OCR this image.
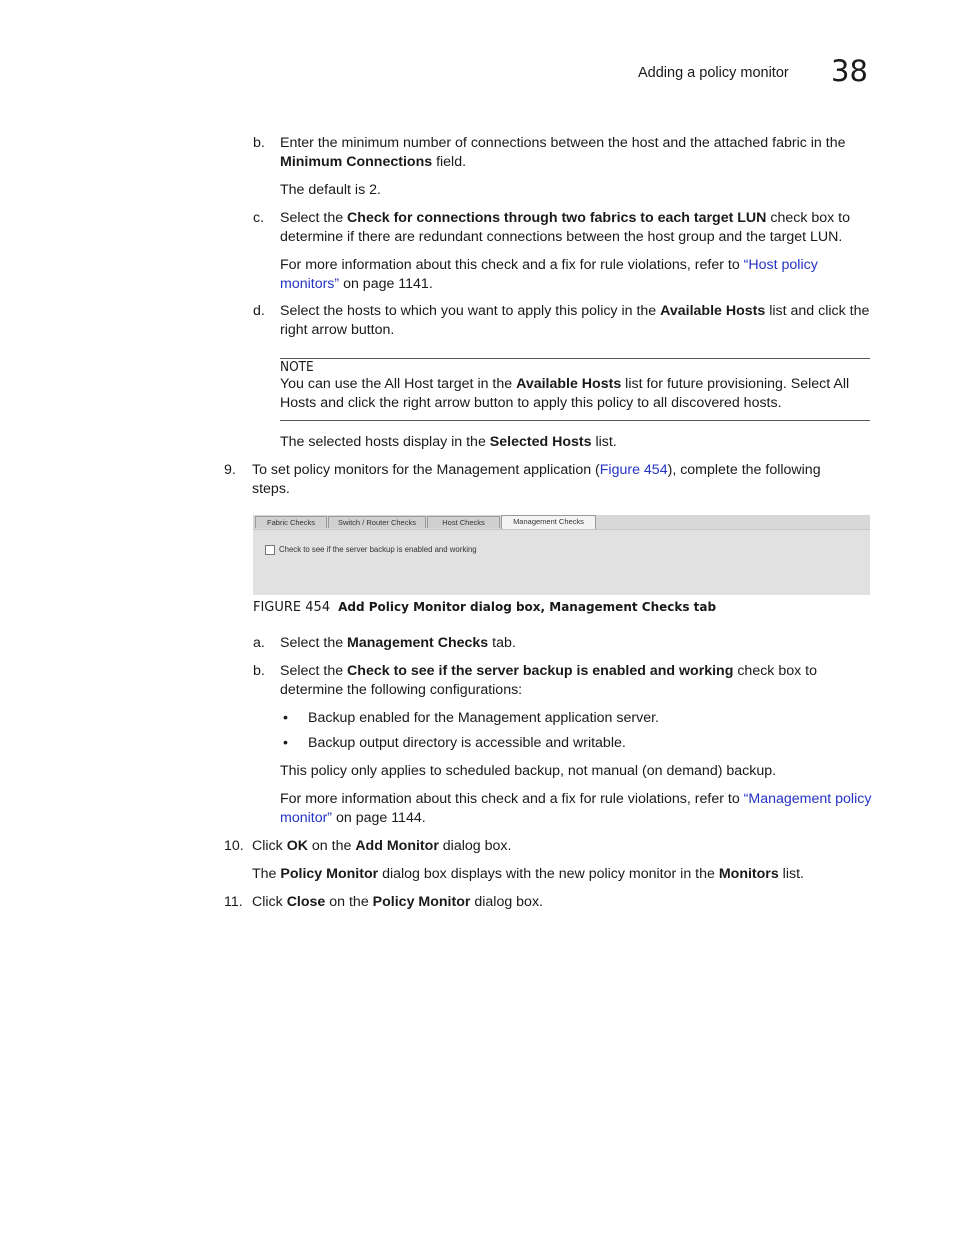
Adding a policy monitor 38
b.	Enter the minimum number of connections between the host and the attached fabric in the Minimum Connections field.
The default is 2.
c.	Select the Check for connections through two fabrics to each target LUN check box to determine if there are redundant connections between the host group and the target LUN.
For more information about this check and a fix for rule violations, refer to “Host policy monitors” on page 1141.
d.	Select the hosts to which you want to apply this policy in the Available Hosts list and click the right arrow button.
NOTE
You can use the All Host target in the Available Hosts list for future provisioning. Select All Hosts and click the right arrow button to apply this policy to all discovered hosts.
The selected hosts display in the Selected Hosts list.
9.	To set policy monitors for the Management application (Figure 454), complete the following steps.
Fabric Checks	Switch / Router Checks	Host Checks	Management Checks
Check to see if the server backup is enabled and working
FIGURE 454 Add Policy Monitor dialog box, Management Checks tab
a.	Select the Management Checks tab.
b.	Select the Check to see if the server backup is enabled and working check box to determine the following configurations:
•	Backup enabled for the Management application server.
•	Backup output directory is accessible and writable.
This policy only applies to scheduled backup, not manual (on demand) backup.
For more information about this check and a fix for rule violations, refer to “Management policy monitor” on page 1144.
10. Click OK on the Add Monitor dialog box.
The Policy Monitor dialog box displays with the new policy monitor in the Monitors list.
11. Click Close on the Policy Monitor dialog box.
